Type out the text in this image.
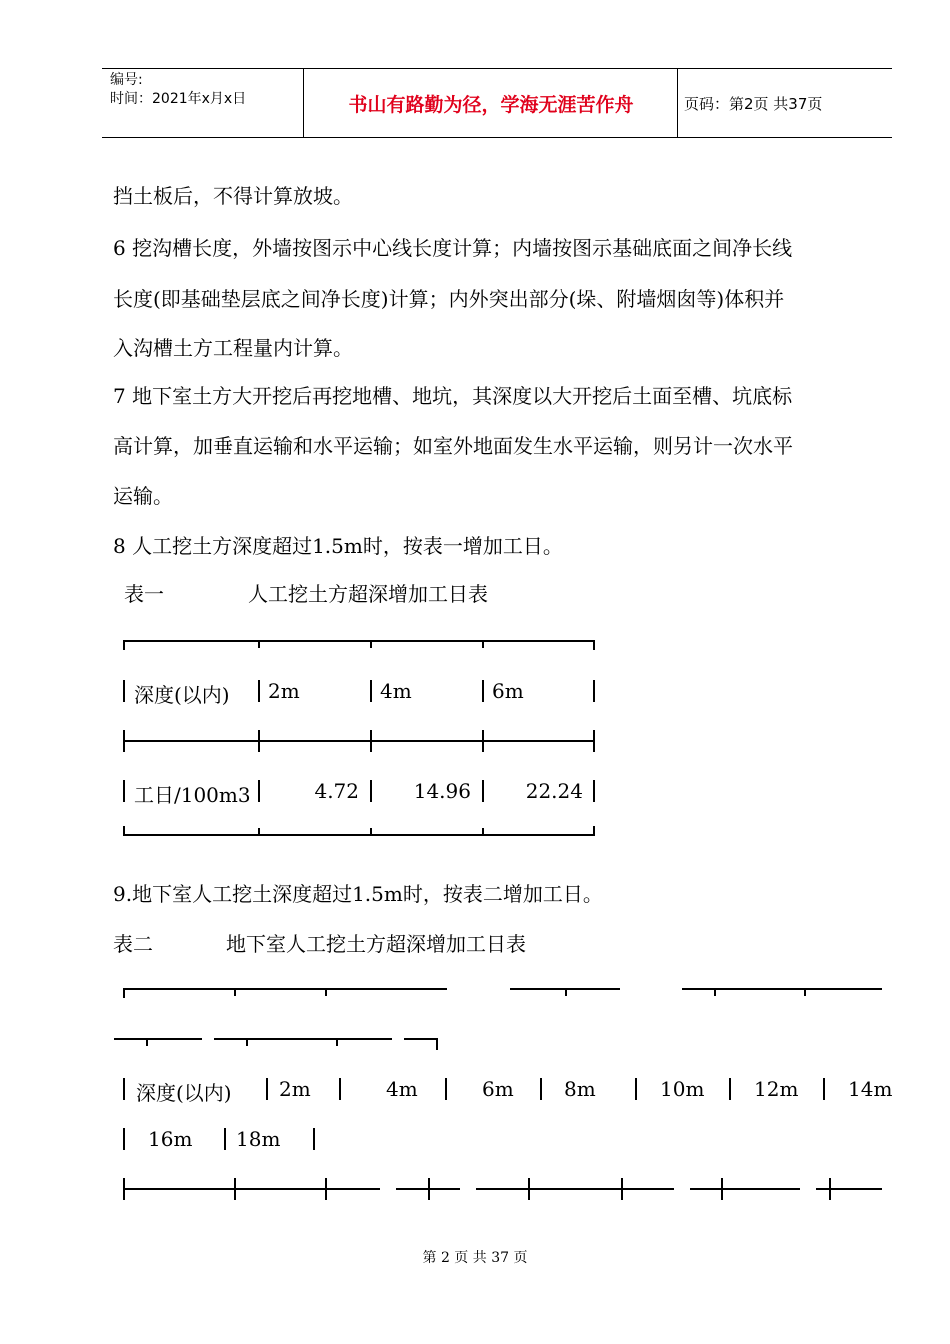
编号:
时间：2021年x月x日	书山有路勤为径，学海无涯苦作舟	页码：第2页 共37页
挡土板后，不得计算放坡。
6 挖沟槽长度，外墙按图示中心线长度计算；内墙按图示基础底面之间净长线
长度(即基础垫层底之间净长度)计算；内外突出部分(垛、附墙烟囱等)体积并
入沟槽土方工程量内计算。
7 地下室土方大开挖后再挖地槽、地坑，其深度以大开挖后土面至槽、坑底标
高计算，加垂直运输和水平运输；如室外地面发生水平运输，则另计一次水平
运输。
8 人工挖土方深度超过1.5m时，按表一增加工日。
表一	人工挖土方超深增加工日表
深度(以内) 2m	4m	6m
工日/100m3	4.72	14.96	22.24
9.地下室人工挖土深度超过1.5m时，按表二增加工日。
表二	地下室人工挖土方超深增加工日表
深度(以内) 2m	4m	6m	8m	10m 12m 14m
16m 18m
第 2 页 共 37 页
